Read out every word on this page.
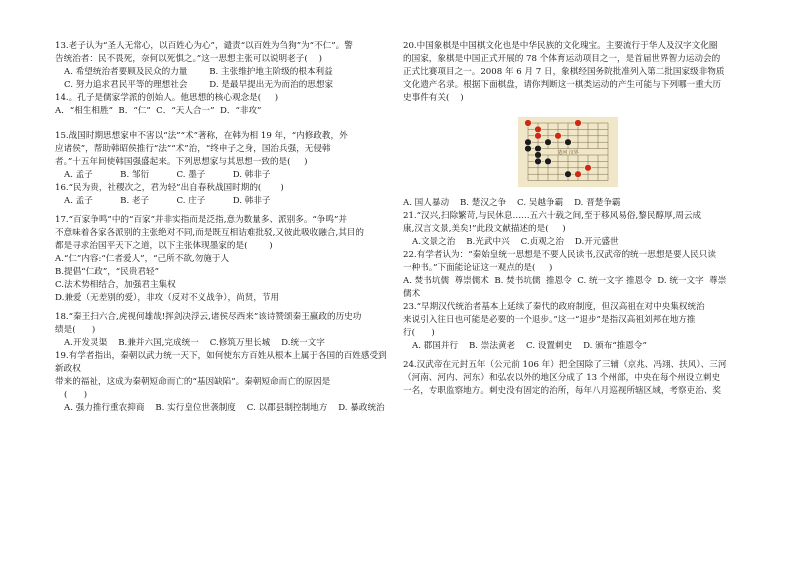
13.老子认为“圣人无常心，以百姓心为心”，谴责“以百姓为刍狗”为“不仁”。警

告统治者：民不畏死，奈何以死惧之。”这一思想主张可以说明老子(    )

A. 希望统治者要顾及民众的力量        B. 主张维护地主阶级的根本利益

C. 努力追求君民平等的理想社会        D. 是最早提出无为而治的思想家

14.。孔子是儒家学派的创始人。他思想的核心观念是(     )

A．“相生相胜”  B．“仁”  C．“天人合一”  D．“非攻”

15.战国时期思想家申不害以“法”“术”著称，在韩为相 19 年，“内修政教，外

应诸侯”，帮助韩昭侯推行“法”“术”治，“终申子之身，国治兵强，无侵韩

者。”十五年间使韩国强盛起来。下列思想家与其思想一致的是(     )

A. 孟子          B. 邹衍          C. 墨子          D. 韩非子

16.“民为贵，社稷次之，君为轻”出自春秋战国时期的(       )

A. 孟子          B. 老子          C. 庄子          D. 韩非子

17.“百家争鸣”中的“百家”并非实指而是泛指,意为数量多、派别多。“争鸣”并

不意味着各家各派别的主张绝对不同,而是既互相诘难批驳,又彼此吸收融合,其目的

都是寻求治国平天下之道，以下主张体现墨家的是(        )

A.“仁”内容:“仁者爱人”，“己所不欲,勿施于人

B.提倡“仁政”，“民贵君轻”

C.法术势相结合，加强君主集权

D.兼爱（无差别的爱），非攻（反对不义战争），尚贤，节用

18.“秦王扫六合,虎视何雄哉!挥剑决浮云,诸侯尽西来”该诗赞颂秦王嬴政的历史功

绩是(      )

A.开发灵渠    B.兼并六国,完成统一    C.修筑万里长城    D.统一文字

19.有学者指出，秦朝以武力统一天下，如何使东方百姓从根本上属于各国的百姓感受到新政权

带来的福祉，这成为秦朝短命而亡的“基因缺陷”。秦朝短命而亡的原因是

(      )

A. 强力推行重农抑商    B. 实行皇位世袭制度    C. 以郡县制控制地方    D. 暴政统治

20.中国象棋是中国棋文化也是中华民族的文化瑰宝。主要流行于华人及汉字文化圈

的国家，象棋是中国正式开展的 78 个体育运动项目之一，是首届世界智力运动会的

正式比赛项目之一。2008 年 6 月 7 日，象棋经国务院批准列入第二批国家级非物质

文化遗产名录。根据下面棋盘，请你判断这一棋类运动的产生可能与下列哪一重大历

史事件有关(    )

楚河 汉界

A. 国人暴动    B. 楚汉之争    C. 吴越争霸    D. 晋楚争霸

21.“汉兴,扫除繁苛,与民休息……五六十载之间,至于移风易俗,黎民醇厚,周云成

康,汉言文景,美矣!”此段文献描述的是(     )

A.文景之治    B.光武中兴    C.贞观之治    D.开元盛世

22.有学者认为：“秦始皇统一思想是不要人民读书,汉武帝的统一思想是要人民只读

一种书。”下面能论证这一观点的是(     )

A. 焚书坑儒  尊崇儒术  B. 焚书坑儒  推恩令  C. 统一文字 推恩令  D. 统一文字  尊崇

儒术

23.“早期汉代统治者基本上延续了秦代的政府制度，但汉高祖在对中央集权统治

来说引入往日也可能是必要的一个退步。”这一“退步”是指汉高祖刘邦在地方推

行(      )

A. 郡国并行    B. 崇法黄老    C. 设置刺史    D. 颁布“推恩令”

24.汉武帝在元封五年（公元前 106 年）把全国除了三辅（京兆、冯翊、扶风）、三河

（河南、河内、河东）和弘农以外的地区分成了 13 个州部，中央在每个州设立刺史

一名，专职监察地方。刺史没有固定的治所，每年八月巡视所辖区域，考察吏治、奖
